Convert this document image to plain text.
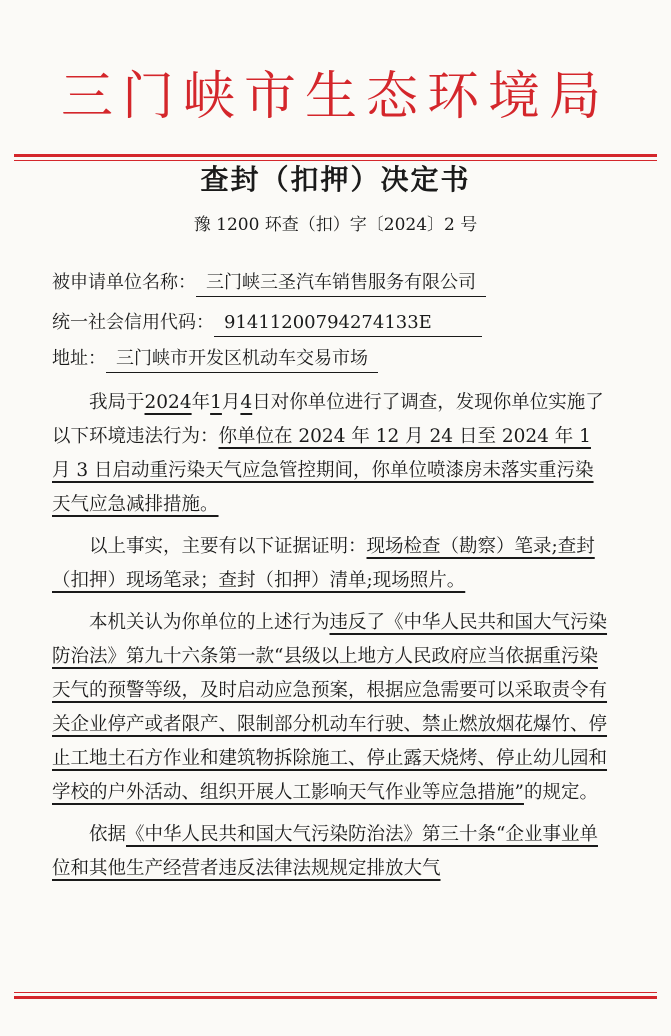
三门峡市生态环境局
查封（扣押）决定书
豫 1200 环查（扣）字〔2024〕2 号
被申请单位名称： 三门峡三圣汽车销售服务有限公司
统一社会信用代码： 91411200794274133E
地址： 三门峡市开发区机动车交易市场

我局于2024年1月4日对你单位进行了调查，发现你单位实施了以下环境违法行为：你单位在 2024 年 12 月 24 日至 2024 年 1 月 3 日启动重污染天气应急管控期间，你单位喷漆房未落实重污染天气应急减排措施。

以上事实，主要有以下证据证明：现场检查（勘察）笔录;查封（扣押）现场笔录；查封（扣押）清单;现场照片。

本机关认为你单位的上述行为违反了《中华人民共和国大气污染防治法》第九十六条第一款“县级以上地方人民政府应当依据重污染天气的预警等级，及时启动应急预案，根据应急需要可以采取责令有关企业停产或者限产、限制部分机动车行驶、禁止燃放烟花爆竹、停止工地土石方作业和建筑物拆除施工、停止露天烧烤、停止幼儿园和学校的户外活动、组织开展人工影响天气作业等应急措施”的规定。

依据《中华人民共和国大气污染防治法》第三十条“企业事业单位和其他生产经营者违反法律法规规定排放大气
